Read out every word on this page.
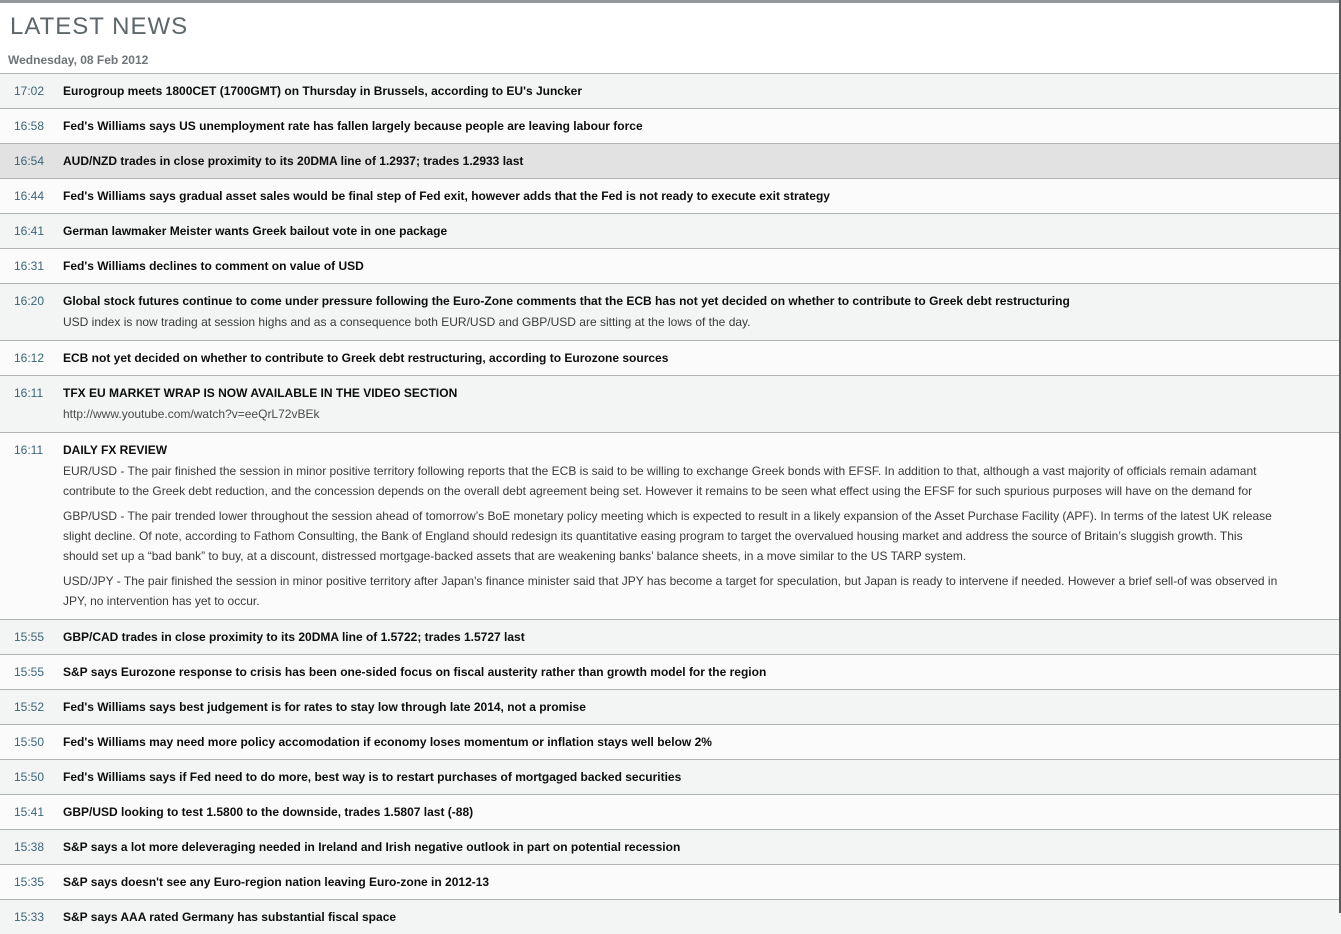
LATEST NEWS
Wednesday, 08 Feb 2012
17:02	Eurogroup meets 1800CET (1700GMT) on Thursday in Brussels, according to EU's Juncker
16:58	Fed's Williams says US unemployment rate has fallen largely because people are leaving labour force
16:54	AUD/NZD trades in close proximity to its 20DMA line of 1.2937; trades 1.2933 last
16:44	Fed's Williams says gradual asset sales would be final step of Fed exit, however adds that the Fed is not ready to execute exit strategy
16:41	German lawmaker Meister wants Greek bailout vote in one package
16:31	Fed's Williams declines to comment on value of USD
16:20	Global stock futures continue to come under pressure following the Euro-Zone comments that the ECB has not yet decided on whether to contribute to Greek debt restructuring
USD index is now trading at session highs and as a consequence both EUR/USD and GBP/USD are sitting at the lows of the day.
16:12	ECB not yet decided on whether to contribute to Greek debt restructuring, according to Eurozone sources
16:11	TFX EU MARKET WRAP IS NOW AVAILABLE IN THE VIDEO SECTION
http://www.youtube.com/watch?v=eeQrL72vBEk
16:11	DAILY FX REVIEW
EUR/USD - The pair finished the session in minor positive territory following reports that the ECB is said to be willing to exchange Greek bonds with EFSF. In addition to that, although a vast majority of officials remain adamant
contribute to the Greek debt reduction, and the concession depends on the overall debt agreement being set. However it remains to be seen what effect using the EFSF for such spurious purposes will have on the demand for
GBP/USD - The pair trended lower throughout the session ahead of tomorrow’s BoE monetary policy meeting which is expected to result in a likely expansion of the Asset Purchase Facility (APF). In terms of the latest UK release
slight decline. Of note, according to Fathom Consulting, the Bank of England should redesign its quantitative easing program to target the overvalued housing market and address the source of Britain’s sluggish growth. This
should set up a “bad bank” to buy, at a discount, distressed mortgage-backed assets that are weakening banks’ balance sheets, in a move similar to the US TARP system.
USD/JPY - The pair finished the session in minor positive territory after Japan's finance minister said that JPY has become a target for speculation, but Japan is ready to intervene if needed. However a brief sell-of was observed in
JPY, no intervention has yet to occur.
15:55	GBP/CAD trades in close proximity to its 20DMA line of 1.5722; trades 1.5727 last
15:55	S&P says Eurozone response to crisis has been one-sided focus on fiscal austerity rather than growth model for the region
15:52	Fed's Williams says best judgement is for rates to stay low through late 2014, not a promise
15:50	Fed's Williams may need more policy accomodation if economy loses momentum or inflation stays well below 2%
15:50	Fed's Williams says if Fed need to do more, best way is to restart purchases of mortgaged backed securities
15:41	GBP/USD looking to test 1.5800 to the downside, trades 1.5807 last (-88)
15:38	S&P says a lot more deleveraging needed in Ireland and Irish negative outlook in part on potential recession
15:35	S&P says doesn't see any Euro-region nation leaving Euro-zone in 2012-13
15:33	S&P says AAA rated Germany has substantial fiscal space
